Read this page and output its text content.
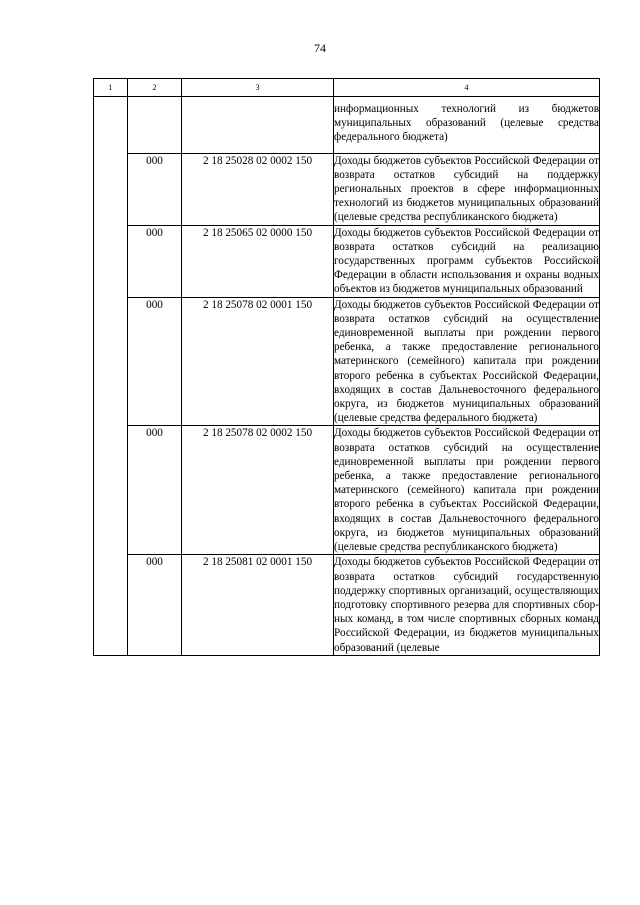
74
1	2	3	4
			информационных технологий из бюджетов муниципальных образований (целевые средства федерального бюджета)
	000	2 18 25028 02 0002 150	Доходы бюджетов субъектов Российской Федерации от возврата остатков субсидий на поддержку региональных проектов в сфере информационных технологий из бюджетов муниципальных образований (целевые средства республиканского бюджета)
	000	2 18 25065 02 0000 150	Доходы бюджетов субъектов Российской Федерации от возврата остатков субсидий на реализацию государственных программ субъектов Российской Федерации в области использования и охраны водных объектов из бюджетов муниципальных образований
	000	2 18 25078 02 0001 150	Доходы бюджетов субъектов Российской Федерации от возврата остатков субсидий на осуществление единовременной выплаты при рождении первого ребенка, а также предоставление регионального материнского (семейного) капитала при рождении второго ребенка в субъектах Российской Федерации, входящих в состав Дальневосточного федерального округа, из бюджетов муниципальных образований (целевые средства федерального бюджета)
	000	2 18 25078 02 0002 150	Доходы бюджетов субъектов Российской Федерации от возврата остатков субсидий на осуществление единовременной выплаты при рождении первого ребенка, а также предоставление регионального материнского (семейного) капитала при рождении второго ребенка в субъектах Российской Федерации, входящих в состав Дальневосточного федерального округа, из бюджетов муниципальных образований (целевые средства республиканского бюджета)
	000	2 18 25081 02 0001 150	Доходы бюджетов субъектов Российской Федерации от возврата остатков субсидий государственную поддержку спортивных организаций, осуществляющих подготовку спортивного резерва для спортивных сборных команд, в том числе спортивных сборных команд Российской Федерации, из бюджетов муниципальных образований (целевые
